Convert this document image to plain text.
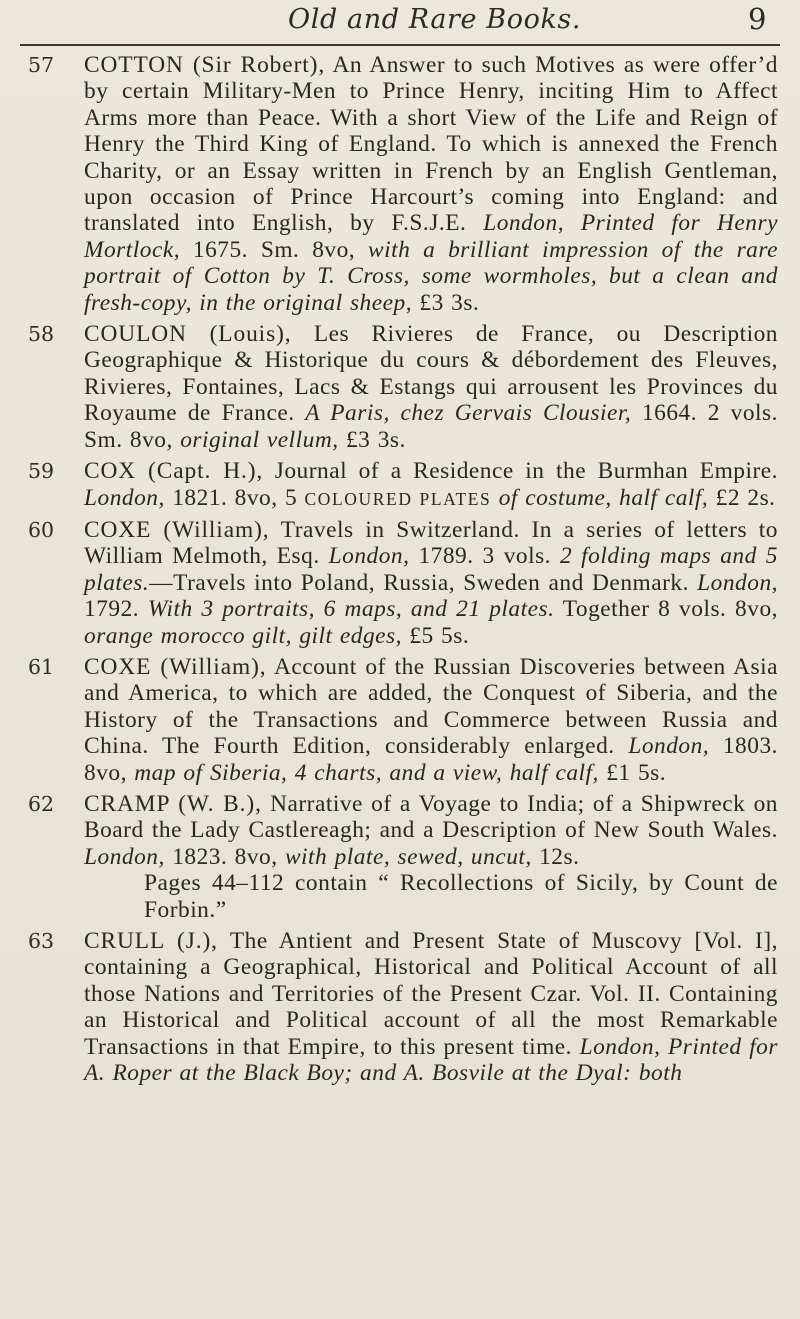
Old and Rare Books.	9
57 COTTON (Sir Robert), An Answer to such Motives as were offer’d by certain Military-Men to Prince Henry, inciting Him to Affect Arms more than Peace. With a short View of the Life and Reign of Henry the Third King of England. To which is annexed the French Charity, or an Essay written in French by an English Gentleman, upon occasion of Prince Harcourt’s coming into England: and translated into English, by F.S.J.E. London, Printed for Henry Mortlock, 1675. Sm. 8vo, with a brilliant impression of the rare portrait of Cotton by T. Cross, some wormholes, but a clean and fresh-copy, in the original sheep, £3 3s.
58 COULON (Louis), Les Rivieres de France, ou Description Geographique & Historique du cours & débordement des Fleuves, Rivieres, Fontaines, Lacs & Estangs qui arrousent les Provinces du Royaume de France. A Paris, chez Gervais Clousier, 1664. 2 vols. Sm. 8vo, original vellum, £3 3s.
59 COX (Capt. H.), Journal of a Residence in the Burmhan Empire. London, 1821. 8vo, 5 COLOURED PLATES of costume, half calf, £2 2s.
60 COXE (William), Travels in Switzerland. In a series of letters to William Melmoth, Esq. London, 1789. 3 vols. 2 folding maps and 5 plates.—Travels into Poland, Russia, Sweden and Denmark. London, 1792. With 3 portraits, 6 maps, and 21 plates. Together 8 vols. 8vo, orange morocco gilt, gilt edges, £5 5s.
61 COXE (William), Account of the Russian Discoveries between Asia and America, to which are added, the Conquest of Siberia, and the History of the Transactions and Commerce between Russia and China. The Fourth Edition, considerably enlarged. London, 1803. 8vo, map of Siberia, 4 charts, and a view, half calf, £1 5s.
62 CRAMP (W. B.), Narrative of a Voyage to India; of a Shipwreck on Board the Lady Castlereagh; and a Description of New South Wales. London, 1823. 8vo, with plate, sewed, uncut, 12s.
Pages 44–112 contain “ Recollections of Sicily, by Count de Forbin.”
63 CRULL (J.), The Antient and Present State of Muscovy [Vol. I], containing a Geographical, Historical and Political Account of all those Nations and Territories of the Present Czar. Vol. II. Containing an Historical and Political account of all the most Remarkable Transactions in that Empire, to this present time. London, Printed for A. Roper at the Black Boy; and A. Bosvile at the Dyal: both
